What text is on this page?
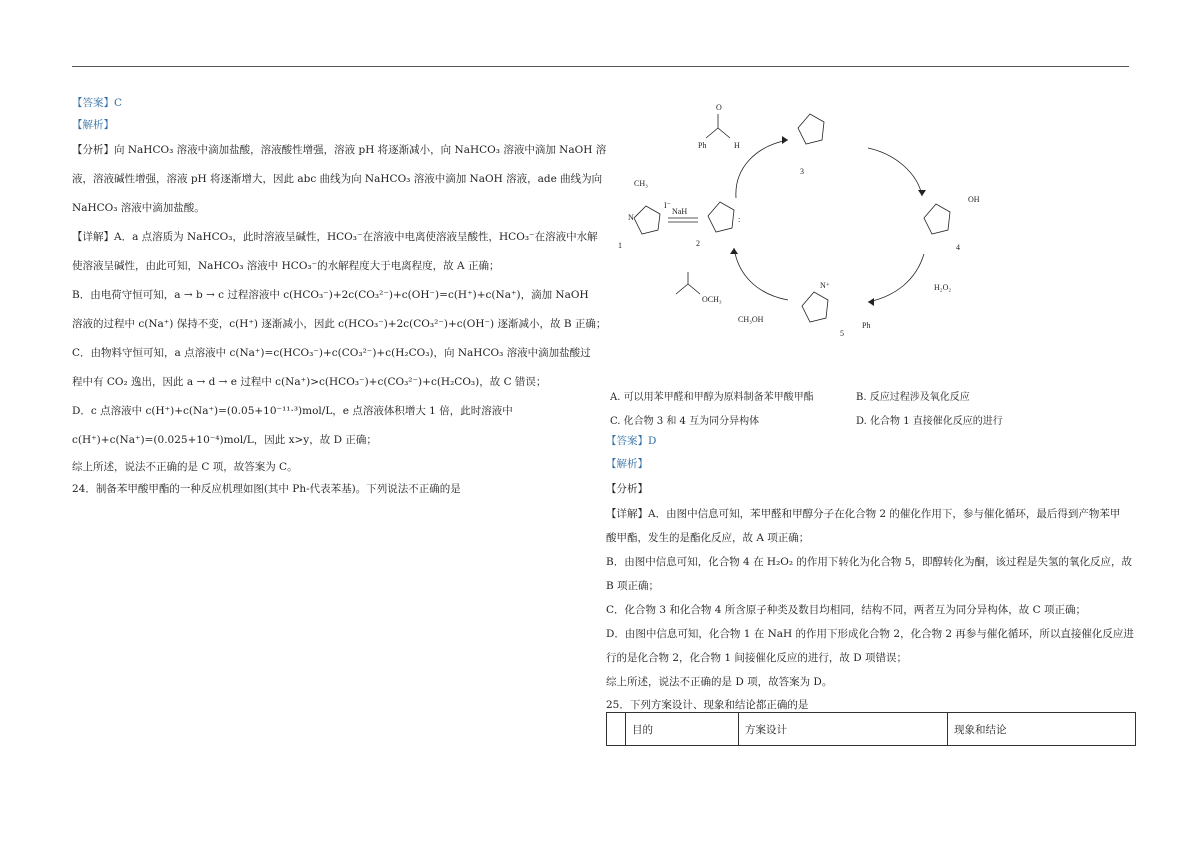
【答案】C

【解析】

【分析】向 NaHCO₃ 溶液中滴加盐酸，溶液酸性增强，溶液 pH 将逐渐减小，向 NaHCO₃ 溶液中滴加 NaOH 溶

液，溶液碱性增强，溶液 pH 将逐渐增大，因此 abc 曲线为向 NaHCO₃ 溶液中滴加 NaOH 溶液，ade 曲线为向

NaHCO₃ 溶液中滴加盐酸。

【详解】A．a 点溶质为 NaHCO₃，此时溶液呈碱性，HCO₃⁻在溶液中电离使溶液呈酸性，HCO₃⁻在溶液中水解

使溶液呈碱性，由此可知，NaHCO₃ 溶液中 HCO₃⁻的水解程度大于电离程度，故 A 正确；

B．由电荷守恒可知，a → b → c 过程溶液中 c(HCO₃⁻)+2c(CO₃²⁻)+c(OH⁻)=c(H⁺)+c(Na⁺)，滴加 NaOH

溶液的过程中 c(Na⁺) 保持不变，c(H⁺) 逐渐减小，因此 c(HCO₃⁻)+2c(CO₃²⁻)+c(OH⁻) 逐渐减小，故 B 正确；

C．由物料守恒可知，a 点溶液中 c(Na⁺)=c(HCO₃⁻)+c(CO₃²⁻)+c(H₂CO₃)，向 NaHCO₃ 溶液中滴加盐酸过

程中有 CO₂ 逸出，因此 a → d → e 过程中 c(Na⁺)>c(HCO₃⁻)+c(CO₃²⁻)+c(H₂CO₃)，故 C 错误；

D．c 点溶液中 c(H⁺)+c(Na⁺)=(0.05+10⁻¹¹·³)mol/L，e 点溶液体积增大 1 倍，此时溶液中

c(H⁺)+c(Na⁺)=(0.025+10⁻⁴)mol/L，因此 x>y，故 D 正确；

综上所述，说法不正确的是 C 项，故答案为 C。

24．制备苯甲酸甲酯的一种反应机理如图(其中 Ph-代表苯基)。下列说法不正确的是

Ph	H
O
CH₃
N
I⁻
1
NaH
2
3
4
5
OH
H₂O₂
CH₃OH
OCH₃
:
N⁺
Ph
A. 可以用苯甲醛和甲醇为原料制备苯甲酸甲酯	B. 反应过程涉及氧化反应
C. 化合物 3 和 4 互为同分异构体	D. 化合物 1 直接催化反应的进行

【答案】D

【解析】

【分析】

【详解】A．由图中信息可知，苯甲醛和甲醇分子在化合物 2 的催化作用下，参与催化循环，最后得到产物苯甲

酸甲酯，发生的是酯化反应，故 A 项正确；

B．由图中信息可知，化合物 4 在 H₂O₂ 的作用下转化为化合物 5，即醇转化为酮，该过程是失氢的氧化反应，故

B 项正确；

C．化合物 3 和化合物 4 所含原子种类及数目均相同，结构不同，两者互为同分异构体，故 C 项正确；

D．由图中信息可知，化合物 1 在 NaH 的作用下形成化合物 2，化合物 2 再参与催化循环，所以直接催化反应进

行的是化合物 2，化合物 1 间接催化反应的进行，故 D 项错误；

综上所述，说法不正确的是 D 项，故答案为 D。

25．下列方案设计、现象和结论都正确的是

目的	方案设计	现象和结论
